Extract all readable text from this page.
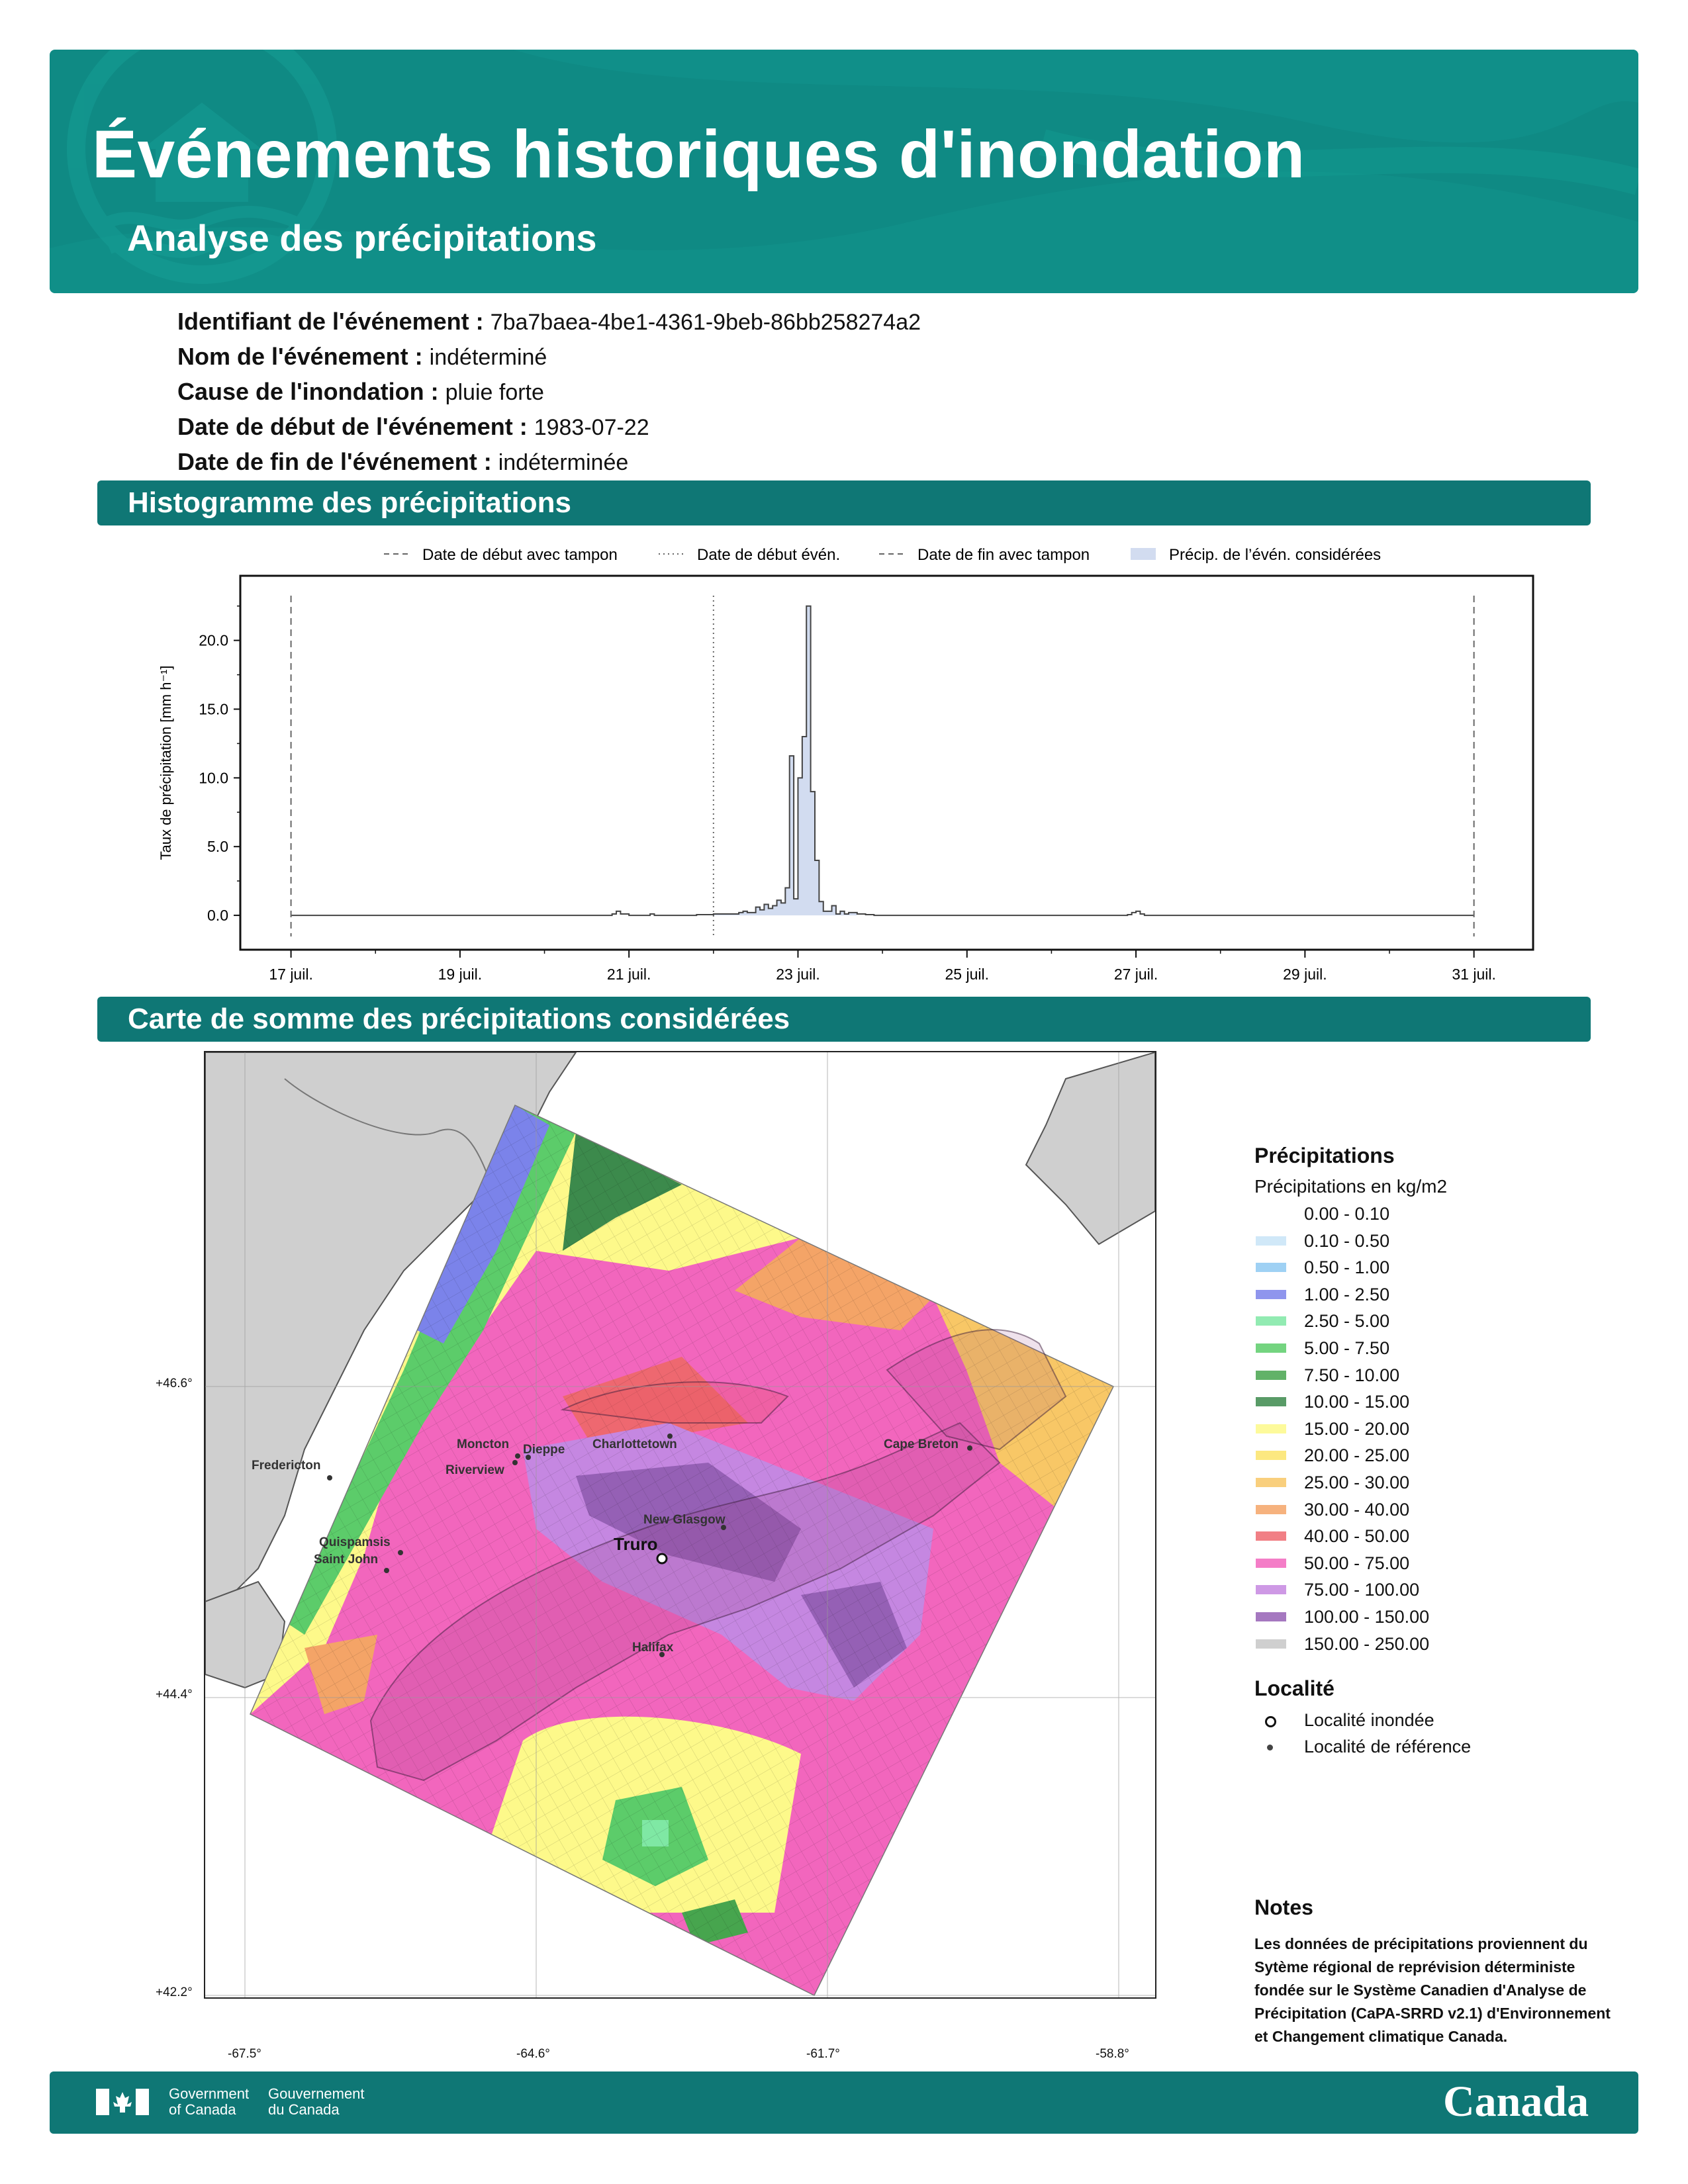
Événements historiques d'inondation
Analyse des précipitations
Identifiant de l'événement : 7ba7baea-4be1-4361-9beb-86bb258274a2
Nom de l'événement : indéterminé
Cause de l'inondation : pluie forte
Date de début de l'événement : 1983-07-22
Date de fin de l'événement : indéterminée
Histogramme des précipitations
Date de début avec tampon	Date de début évén.	Date de fin avec tampon	Précip. de l’évén. considérées
0.0
5.0
10.0
15.0
20.0
17 juil.	19 juil.	21 juil.	23 juil.	25 juil.	27 juil.	29 juil.	31 juil.
Taux de précipitation [mm h⁻¹]
Carte de somme des précipitations considérées
Fredericton
Moncton Dieppe
Riverview
Charlottetown	Cape Breton
New Glasgow
Truro
Quispamsis
Saint John
Halifax
+46.6°
+44.4°
+42.2°
-67.5°	-64.6°	-61.7°	-58.8°
Précipitations
Précipitations en kg/m2
0.00 - 0.10
0.10 - 0.50
0.50 - 1.00
1.00 - 2.50
2.50 - 5.00
5.00 - 7.50
7.50 - 10.00
10.00 - 15.00
15.00 - 20.00
20.00 - 25.00
25.00 - 30.00
30.00 - 40.00
40.00 - 50.00
50.00 - 75.00
75.00 - 100.00
100.00 - 150.00
150.00 - 250.00
Localité
Localité inondée
Localité de référence
Notes
Les données de précipitations proviennent du Sytème régional de reprévision déterministe fondée sur le Système Canadien d'Analyse de Précipitation (CaPA-SRRD v2.1) d'Environnement et Changement climatique Canada.
Government
of Canada
Gouvernement
du Canada	Canada
